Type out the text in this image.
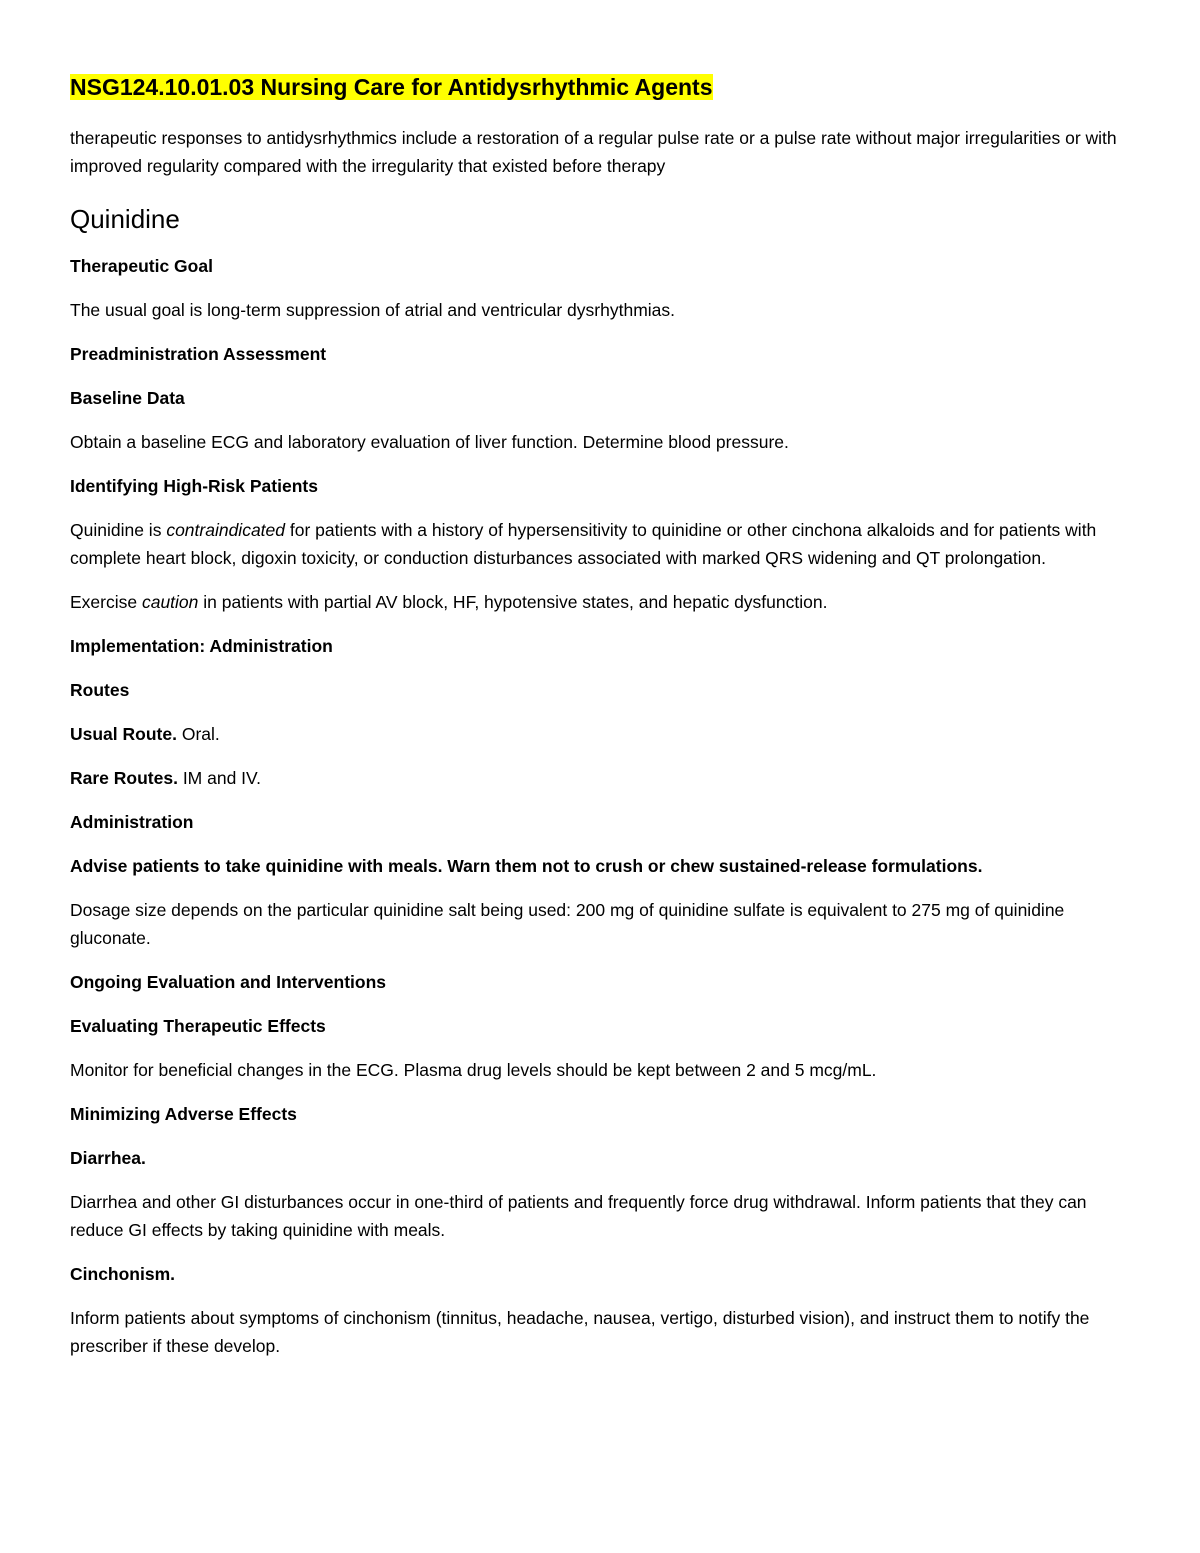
NSG124.10.01.03 Nursing Care for Antidysrhythmic Agents

therapeutic responses to antidysrhythmics include a restoration of a regular pulse rate or a pulse rate without major irregularities or with improved regularity compared with the irregularity that existed before therapy

Quinidine

Therapeutic Goal

The usual goal is long-term suppression of atrial and ventricular dysrhythmias.

Preadministration Assessment

Baseline Data

Obtain a baseline ECG and laboratory evaluation of liver function. Determine blood pressure.

Identifying High-Risk Patients

Quinidine is contraindicated for patients with a history of hypersensitivity to quinidine or other cinchona alkaloids and for patients with complete heart block, digoxin toxicity, or conduction disturbances associated with marked QRS widening and QT prolongation.

Exercise caution in patients with partial AV block, HF, hypotensive states, and hepatic dysfunction.

Implementation: Administration

Routes

Usual Route. Oral.

Rare Routes. IM and IV.

Administration

Advise patients to take quinidine with meals. Warn them not to crush or chew sustained-release formulations.

Dosage size depends on the particular quinidine salt being used: 200 mg of quinidine sulfate is equivalent to 275 mg of quinidine gluconate.

Ongoing Evaluation and Interventions

Evaluating Therapeutic Effects

Monitor for beneficial changes in the ECG. Plasma drug levels should be kept between 2 and 5 mcg/mL.

Minimizing Adverse Effects

Diarrhea.

Diarrhea and other GI disturbances occur in one-third of patients and frequently force drug withdrawal. Inform patients that they can reduce GI effects by taking quinidine with meals.

Cinchonism.

Inform patients about symptoms of cinchonism (tinnitus, headache, nausea, vertigo, disturbed vision), and instruct them to notify the prescriber if these develop.
